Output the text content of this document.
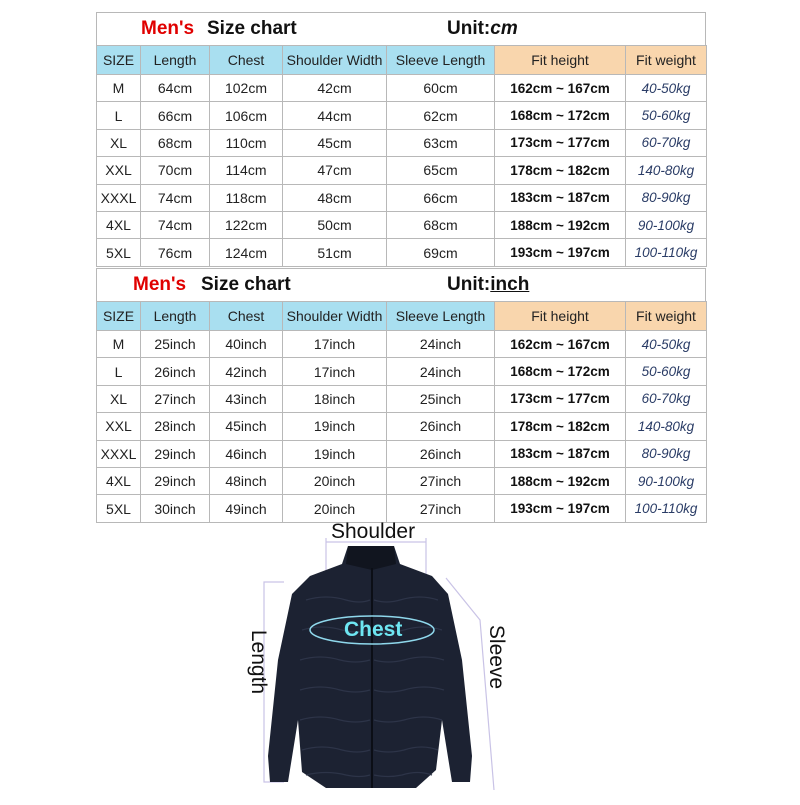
Men's Size chart	Unit:cm
SIZE	Length	Chest	Shoulder Width	Sleeve Length	Fit height	Fit weight
M	64cm	102cm	42cm	60cm	162cm ~ 167cm	40-50kg
L	66cm	106cm	44cm	62cm	168cm ~ 172cm	50-60kg
XL	68cm	110cm	45cm	63cm	173cm ~ 177cm	60-70kg
XXL	70cm	114cm	47cm	65cm	178cm ~ 182cm	140-80kg
XXXL	74cm	118cm	48cm	66cm	183cm ~ 187cm	80-90kg
4XL	74cm	122cm	50cm	68cm	188cm ~ 192cm	90-100kg
5XL	76cm	124cm	51cm	69cm	193cm ~ 197cm	100-110kg
Men's Size chart	Unit:inch
SIZE	Length	Chest	Shoulder Width	Sleeve Length	Fit height	Fit weight
M	25inch	40inch	17inch	24inch	162cm ~ 167cm	40-50kg
L	26inch	42inch	17inch	24inch	168cm ~ 172cm	50-60kg
XL	27inch	43inch	18inch	25inch	173cm ~ 177cm	60-70kg
XXL	28inch	45inch	19inch	26inch	178cm ~ 182cm	140-80kg
XXXL	29inch	46inch	19inch	26inch	183cm ~ 187cm	80-90kg
4XL	29inch	48inch	20inch	27inch	188cm ~ 192cm	90-100kg
5XL	30inch	49inch	20inch	27inch	193cm ~ 197cm	100-110kg
Shoulder
Chest
Length	Sleeve
